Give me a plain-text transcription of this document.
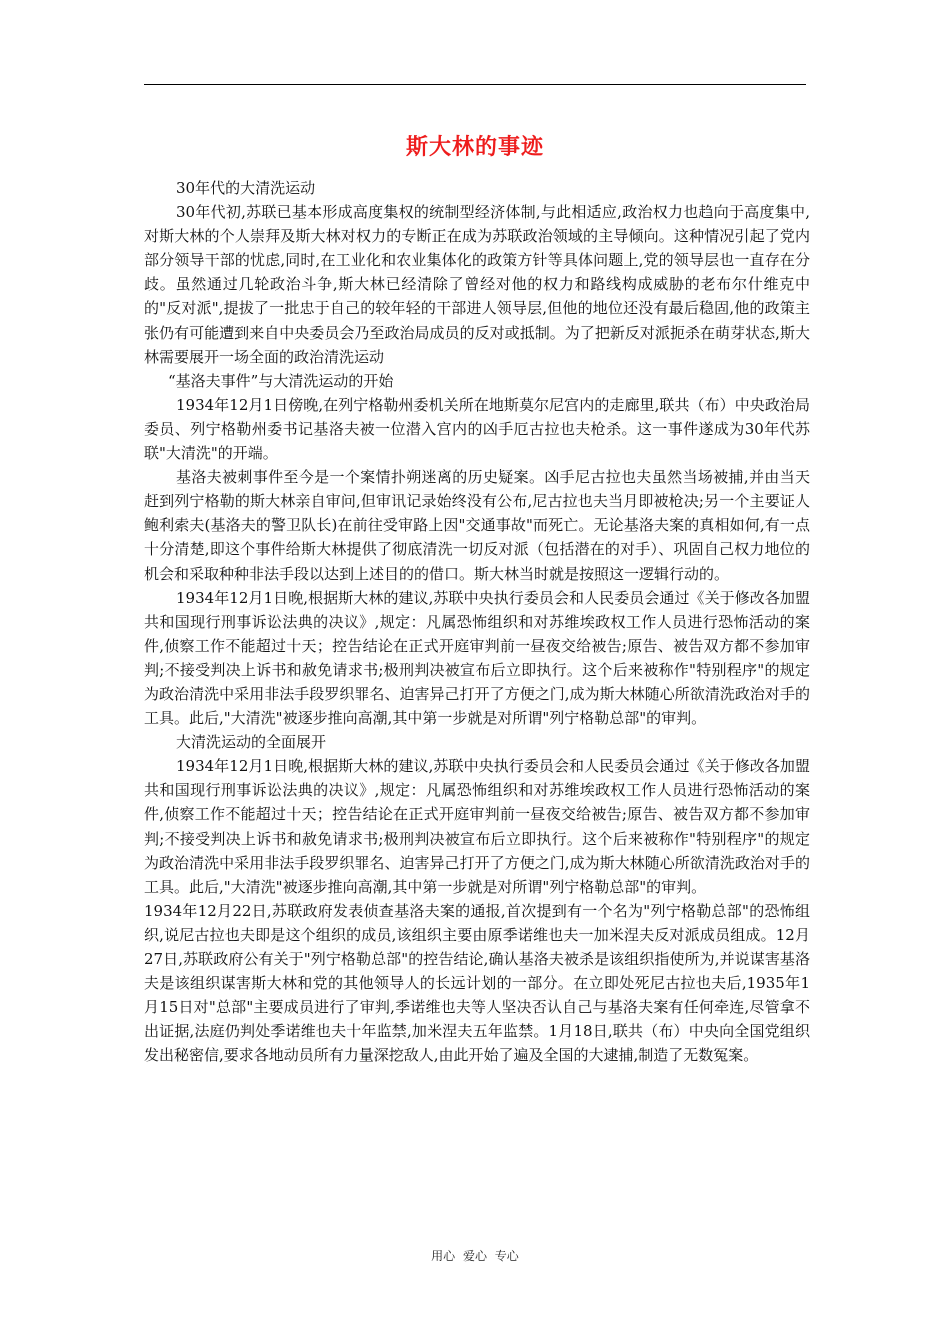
斯大林的事迹

30年代的大清洗运动

30年代初,苏联已基本形成高度集权的统制型经济体制,与此相适应,政治权力也趋向于高度集中,对斯大林的个人崇拜及斯大林对权力的专断正在成为苏联政治领域的主导倾向。这种情况引起了党内部分领导干部的忧虑,同时,在工业化和农业集体化的政策方针等具体问题上,党的领导层也一直存在分歧。虽然通过几轮政治斗争,斯大林已经清除了曾经对他的权力和路线构成威胁的老布尔什维克中的"反对派",提拔了一批忠于自己的较年轻的干部进人领导层,但他的地位还没有最后稳固,他的政策主张仍有可能遭到来自中央委员会乃至政治局成员的反对或抵制。为了把新反对派扼杀在萌芽状态,斯大林需要展开一场全面的政治清洗运动

“基洛夫事件”与大清洗运动的开始

1934年12月1日傍晚,在列宁格勒州委机关所在地斯莫尔尼宫内的走廊里,联共（布）中央政治局委员、列宁格勒州委书记基洛夫被一位潜入宫内的凶手厄古拉也夫枪杀。这一事件遂成为30年代苏联"大清洗"的开端。

基洛夫被刺事件至今是一个案情扑朔迷离的历史疑案。凶手尼古拉也夫虽然当场被捕,并由当天赶到列宁格勒的斯大林亲自审问,但审讯记录始终没有公布,尼古拉也夫当月即被枪决;另一个主要证人鲍利索夫(基洛夫的警卫队长)在前往受审路上因"交通事故"而死亡。无论基洛夫案的真相如何,有一点十分清楚,即这个事件给斯大林提供了彻底清洗一切反对派（包括潜在的对手）、巩固自己权力地位的机会和采取种种非法手段以达到上述目的的借口。斯大林当时就是按照这一逻辑行动的。

1934年12月1日晚,根据斯大林的建议,苏联中央执行委员会和人民委员会通过《关于修改各加盟共和国现行刑事诉讼法典的决议》,规定：凡属恐怖组织和对苏维埃政权工作人员进行恐怖活动的案件,侦察工作不能超过十天；控告结论在正式开庭审判前一昼夜交给被告;原告、被告双方都不参加审判;不接受判决上诉书和赦免请求书;极刑判决被宣布后立即执行。这个后来被称作"特别程序"的规定为政治清洗中采用非法手段罗织罪名、迫害异己打开了方便之门,成为斯大林随心所欲清洗政治对手的工具。此后,"大清洗"被逐步推向高潮,其中第一步就是对所谓"列宁格勒总部"的审判。

大清洗运动的全面展开

1934年12月1日晚,根据斯大林的建议,苏联中央执行委员会和人民委员会通过《关于修改各加盟共和国现行刑事诉讼法典的决议》,规定：凡属恐怖组织和对苏维埃政权工作人员进行恐怖活动的案件,侦察工作不能超过十天；控告结论在正式开庭审判前一昼夜交给被告;原告、被告双方都不参加审判;不接受判决上诉书和赦免请求书;极刑判决被宣布后立即执行。这个后来被称作"特别程序"的规定为政治清洗中采用非法手段罗织罪名、迫害异己打开了方便之门,成为斯大林随心所欲清洗政治对手的工具。此后,"大清洗"被逐步推向高潮,其中第一步就是对所谓"列宁格勒总部"的审判。

1934年12月22日,苏联政府发表侦查基洛夫案的通报,首次提到有一个名为"列宁格勒总部"的恐怖组织,说尼古拉也夫即是这个组织的成员,该组织主要由原季诺维也夫一加米涅夫反对派成员组成。12月27日,苏联政府公有关于"列宁格勒总部"的控告结论,确认基洛夫被杀是该组织指使所为,并说谋害基洛夫是该组织谋害斯大林和党的其他领导人的长远计划的一部分。在立即处死尼古拉也夫后,1935年1月15日对"总部"主要成员进行了审判,季诺维也夫等人坚决否认自己与基洛夫案有任何牵连,尽管拿不出证据,法庭仍判处季诺维也夫十年监禁,加米涅夫五年监禁。1月18日,联共（布）中央向全国党组织发出秘密信,要求各地动员所有力量深挖敌人,由此开始了遍及全国的大逮捕,制造了无数冤案。

用心 爱心 专心
